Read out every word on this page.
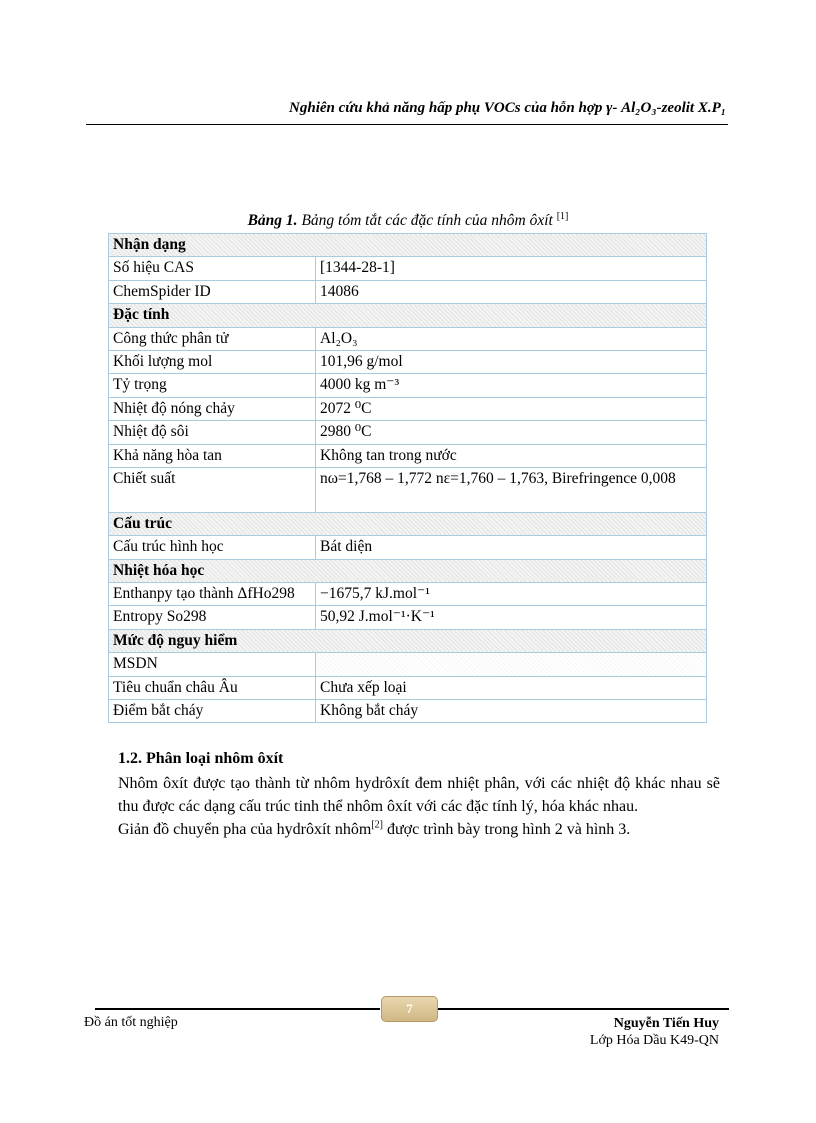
Nghiên cứu khả năng hấp phụ VOCs của hỗn hợp γ- Al₂O₃-zeolit X.P₁
Bảng 1. Bảng tóm tắt các đặc tính của nhôm ôxít [1]
Nhận dạng	
Số hiệu CAS	[1344-28-1]
ChemSpider ID	14086
Đặc tính	
Công thức phân tử	Al₂O₃
Khối lượng mol	101,96 g/mol
Tỷ trọng	4000 kg m⁻³
Nhiệt độ nóng chảy	2072 ⁰C
Nhiệt độ sôi	2980 ⁰C
Khả năng hòa tan	Không tan trong nước
Chiết suất	nω=1,768 – 1,772 nε=1,760 – 1,763, Birefringence 0,008
Cấu trúc	
Cấu trúc hình học	Bát diện
Nhiệt hóa học	
Enthanpy tạo thành ΔfHo298	−1675,7 kJ.mol⁻¹
Entropy So298	50,92 J.mol⁻¹·K⁻¹
Mức độ nguy hiểm	
MSDN	
Tiêu chuẩn châu Âu	Chưa xếp loại
Điểm bắt cháy	Không bắt cháy
1.2. Phân loại nhôm ôxít

Nhôm ôxít được tạo thành từ nhôm hydrôxít đem nhiệt phân, với các nhiệt độ khác nhau sẽ thu được các dạng cấu trúc tinh thể nhôm ôxít với các đặc tính lý, hóa khác nhau.

Giản đồ chuyển pha của hydrôxít nhôm[2] được trình bày trong hình 2 và hình 3.

7
Đồ án tốt nghiệp	Nguyễn Tiến Huy
Lớp Hóa Dầu K49-QN
